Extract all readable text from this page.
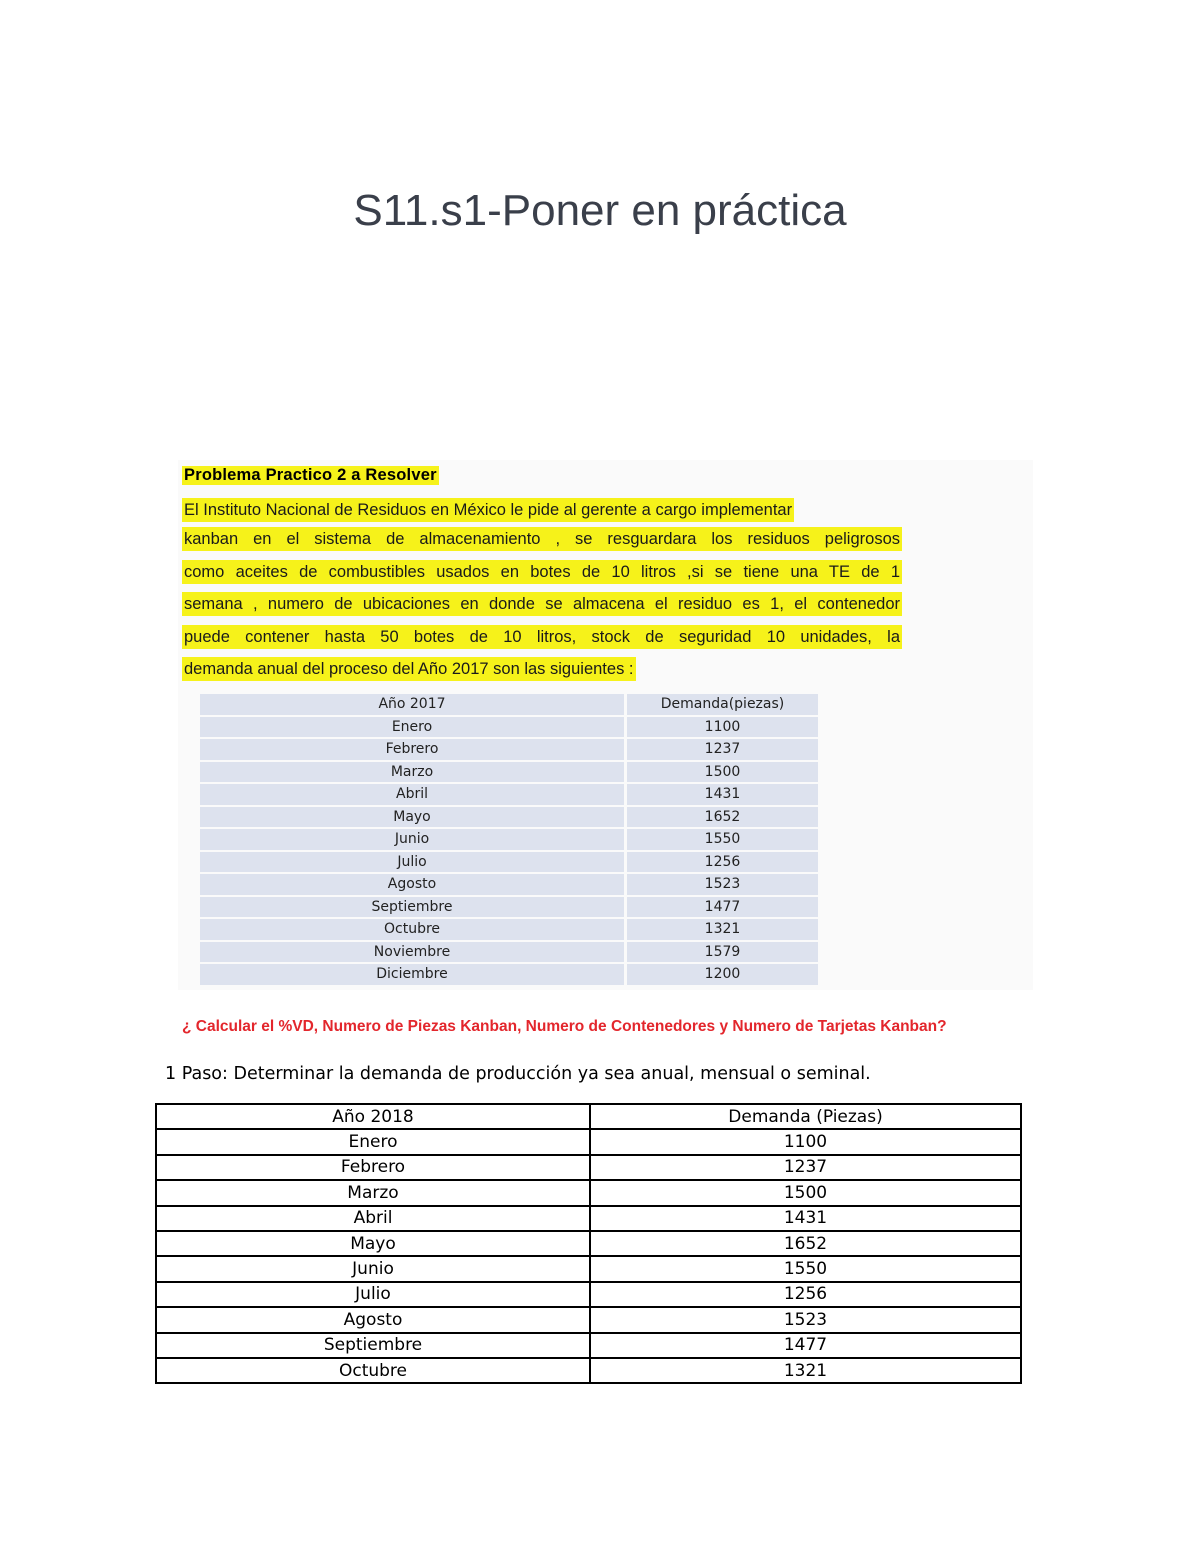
S11.s1-Poner en práctica
Problema Practico 2 a Resolver
El Instituto Nacional de Residuos en México le pide al gerente a cargo implementar
kanban en el sistema de almacenamiento , se resguardara los residuos peligrosos
como aceites de combustibles usados en botes de 10 litros ,si se tiene una TE de 1
semana , numero de ubicaciones en donde se almacena el residuo es 1, el contenedor
puede contener hasta 50 botes de 10 litros, stock de seguridad 10 unidades, la
demanda anual del proceso del Año 2017 son las siguientes :
Año 2017	Demanda(piezas)
Enero	1100
Febrero	1237
Marzo	1500
Abril	1431
Mayo	1652
Junio	1550
Julio	1256
Agosto	1523
Septiembre	1477
Octubre	1321
Noviembre	1579
Diciembre	1200
¿ Calcular el %VD, Numero de Piezas Kanban, Numero de Contenedores y Numero de Tarjetas Kanban?
1 Paso: Determinar la demanda de producción ya sea anual, mensual o seminal.
Año 2018	Demanda (Piezas)
Enero	1100
Febrero	1237
Marzo	1500
Abril	1431
Mayo	1652
Junio	1550
Julio	1256
Agosto	1523
Septiembre	1477
Octubre	1321
